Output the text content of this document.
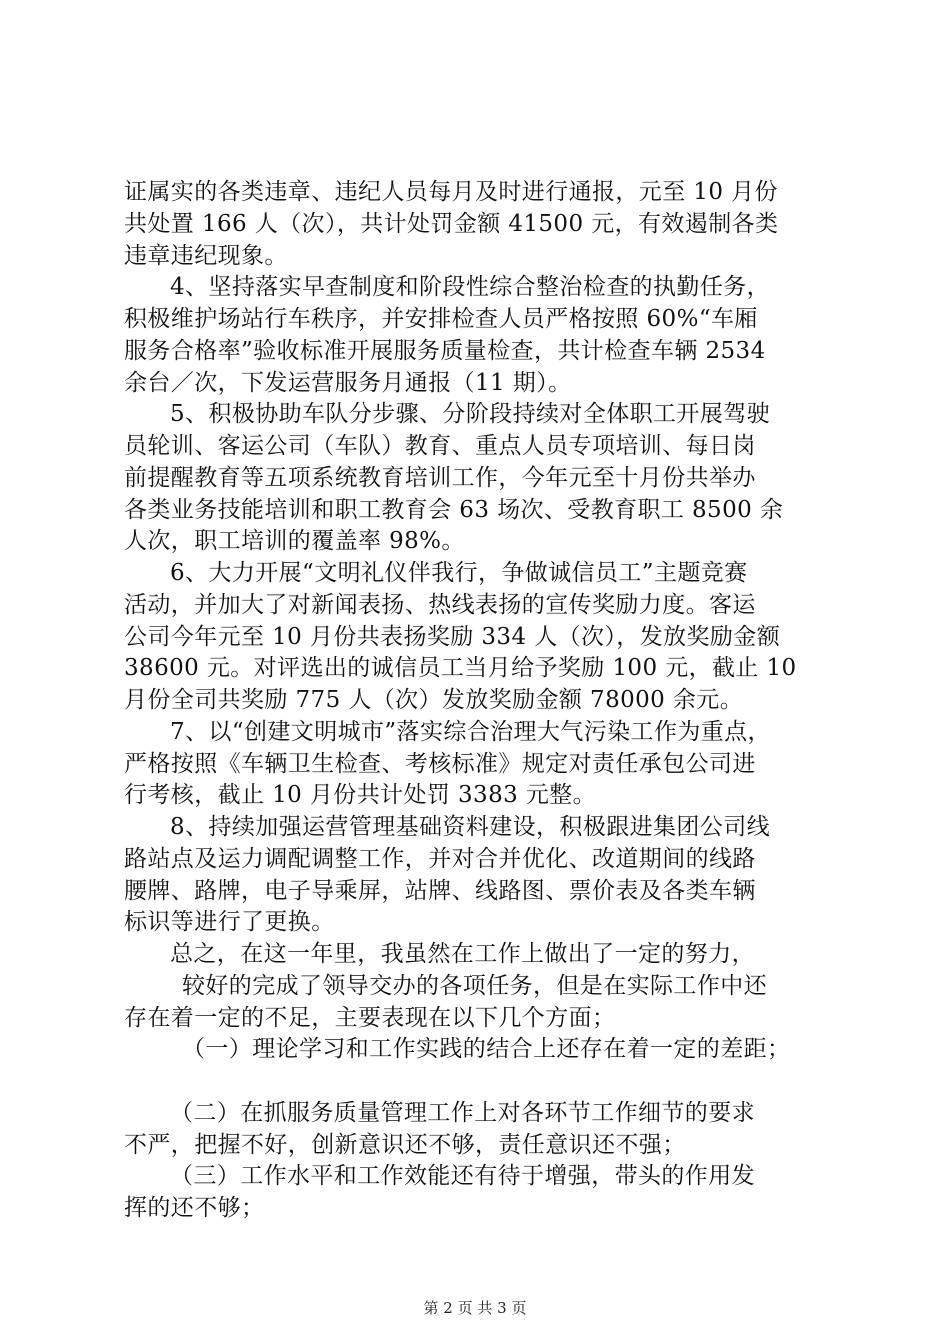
证属实的各类违章、违纪人员每月及时进行通报，元至 10 月份
共处置 166 人（次），共计处罚金额 41500 元，有效遏制各类
违章违纪现象。
4、坚持落实早查制度和阶段性综合整治检查的执勤任务，
积极维护场站行车秩序，并安排检查人员严格按照 60%“车厢
服务合格率”验收标准开展服务质量检查，共计检查车辆 2534
余台／次，下发运营服务月通报（11 期）。
5、积极协助车队分步骤、分阶段持续对全体职工开展驾驶
员轮训、客运公司（车队）教育、重点人员专项培训、每日岗
前提醒教育等五项系统教育培训工作，今年元至十月份共举办
各类业务技能培训和职工教育会 63 场次、受教育职工 8500 余
人次，职工培训的覆盖率 98%。
6、大力开展“文明礼仪伴我行，争做诚信员工”主题竞赛
活动，并加大了对新闻表扬、热线表扬的宣传奖励力度。客运
公司今年元至 10 月份共表扬奖励 334 人（次），发放奖励金额
38600 元。对评选出的诚信员工当月给予奖励 100 元，截止 10
月份全司共奖励 775 人（次）发放奖励金额 78000 余元。
7、以“创建文明城市”落实综合治理大气污染工作为重点，
严格按照《车辆卫生检查、考核标准》规定对责任承包公司进
行考核，截止 10 月份共计处罚 3383 元整。
8、持续加强运营管理基础资料建设，积极跟进集团公司线
路站点及运力调配调整工作，并对合并优化、改道期间的线路
腰牌、路牌，电子导乘屏，站牌、线路图、票价表及各类车辆
标识等进行了更换。
总之，在这一年里，我虽然在工作上做出了一定的努力，
较好的完成了领导交办的各项任务，但是在实际工作中还
存在着一定的不足，主要表现在以下几个方面；
（一）理论学习和工作实践的结合上还存在着一定的差距；
（二）在抓服务质量管理工作上对各环节工作细节的要求
不严，把握不好，创新意识还不够，责任意识还不强；
（三）工作水平和工作效能还有待于增强，带头的作用发
挥的还不够；
第 2 页 共 3 页
